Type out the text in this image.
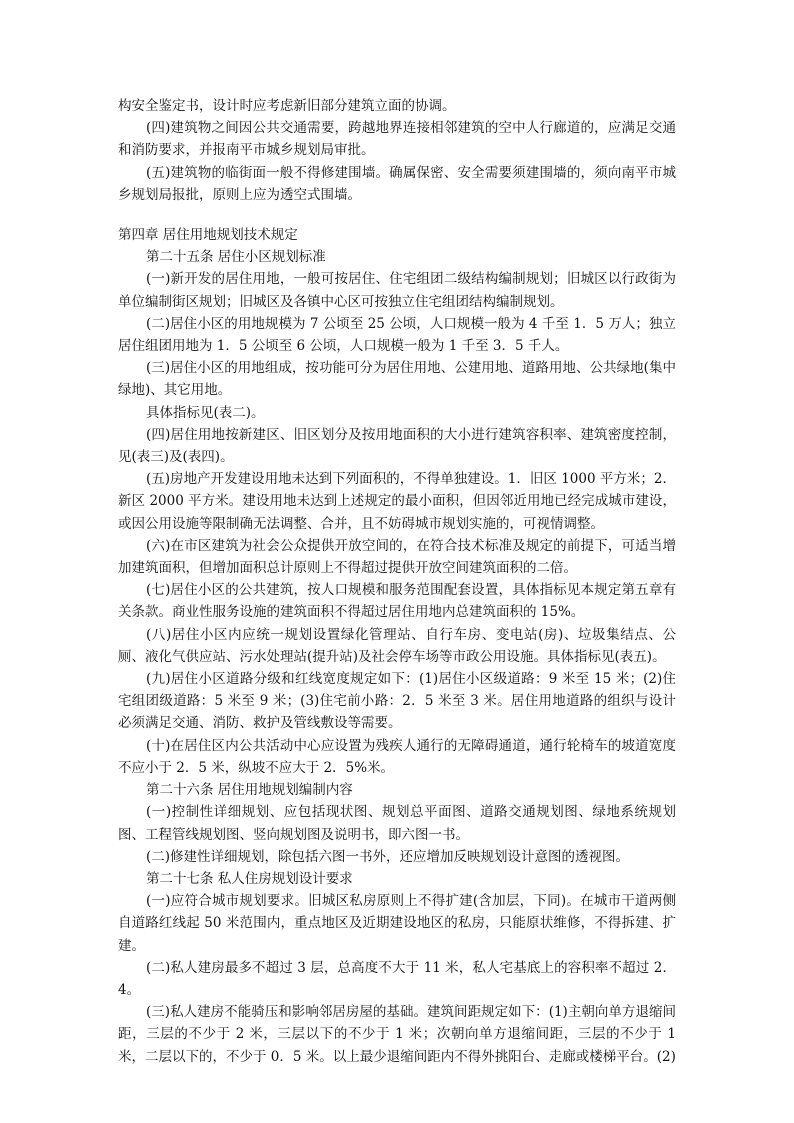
构安全鉴定书，设计时应考虑新旧部分建筑立面的协调。

(四)建筑物之间因公共交通需要，跨越地界连接相邻建筑的空中人行廊道的，应满足交通和消防要求，并报南平市城乡规划局审批。

(五)建筑物的临街面一般不得修建围墙。确属保密、安全需要须建围墙的，须向南平市城乡规划局报批，原则上应为透空式围墙。

第四章 居住用地规划技术规定

第二十五条 居住小区规划标准

(一)新开发的居住用地，一般可按居住、住宅组团二级结构编制规划；旧城区以行政街为单位编制街区规划；旧城区及各镇中心区可按独立住宅组团结构编制规划。

(二)居住小区的用地规模为 7 公顷至 25 公顷，人口规模一般为 4 千至 1．5 万人；独立居住组团用地为 1．5 公顷至 6 公顷，人口规模一般为 1 千至 3．5 千人。

(三)居住小区的用地组成，按功能可分为居住用地、公建用地、道路用地、公共绿地(集中绿地)、其它用地。

具体指标见(表二)。

(四)居住用地按新建区、旧区划分及按用地面积的大小进行建筑容积率、建筑密度控制，见(表三)及(表四)。

(五)房地产开发建设用地未达到下列面积的，不得单独建设。1．旧区 1000 平方米；2．新区 2000 平方米。建设用地未达到上述规定的最小面积，但因邻近用地已经完成城市建设，或因公用设施等限制确无法调整、合并，且不妨碍城市规划实施的，可视情调整。

(六)在市区建筑为社会公众提供开放空间的，在符合技术标准及规定的前提下，可适当增加建筑面积，但增加面积总计原则上不得超过提供开放空间建筑面积的二倍。

(七)居住小区的公共建筑，按人口规模和服务范围配套设置，具体指标见本规定第五章有关条款。商业性服务设施的建筑面积不得超过居住用地内总建筑面积的 15%。

(八)居住小区内应统一规划设置绿化管理站、自行车房、变电站(房)、垃圾集结点、公厕、液化气供应站、污水处理站(提升站)及社会停车场等市政公用设施。具体指标见(表五)。

(九)居住小区道路分级和红线宽度规定如下：(1)居住小区级道路：9 米至 15 米；(2)住宅组团级道路：5 米至 9 米；(3)住宅前小路：2．5 米至 3 米。居住用地道路的组织与设计必须满足交通、消防、救护及管线敷设等需要。

(十)在居住区内公共活动中心应设置为残疾人通行的无障碍通道，通行轮椅车的坡道宽度不应小于 2．5 米，纵坡不应大于 2．5%米。

第二十六条 居住用地规划编制内容

(一)控制性详细规划、应包括现状图、规划总平面图、道路交通规划图、绿地系统规划图、工程管线规划图、竖向规划图及说明书，即六图一书。

(二)修建性详细规划，除包括六图一书外，还应增加反映规划设计意图的透视图。

第二十七条 私人住房规划设计要求

(一)应符合城市规划要求。旧城区私房原则上不得扩建(含加层，下同)。在城市干道两侧自道路红线起 50 米范围内，重点地区及近期建设地区的私房，只能原状维修，不得拆建、扩建。

(二)私人建房最多不超过 3 层，总高度不大于 11 米，私人宅基底上的容积率不超过 2．4。

(三)私人建房不能骑压和影响邻居房屋的基础。建筑间距规定如下：(1)主朝向单方退缩间距，三层的不少于 2 米，三层以下的不少于 1 米；次朝向单方退缩间距，三层的不少于 1 米，二层以下的，不少于 0．5 米。以上最少退缩间距内不得外挑阳台、走廊或楼梯平台。(2)
